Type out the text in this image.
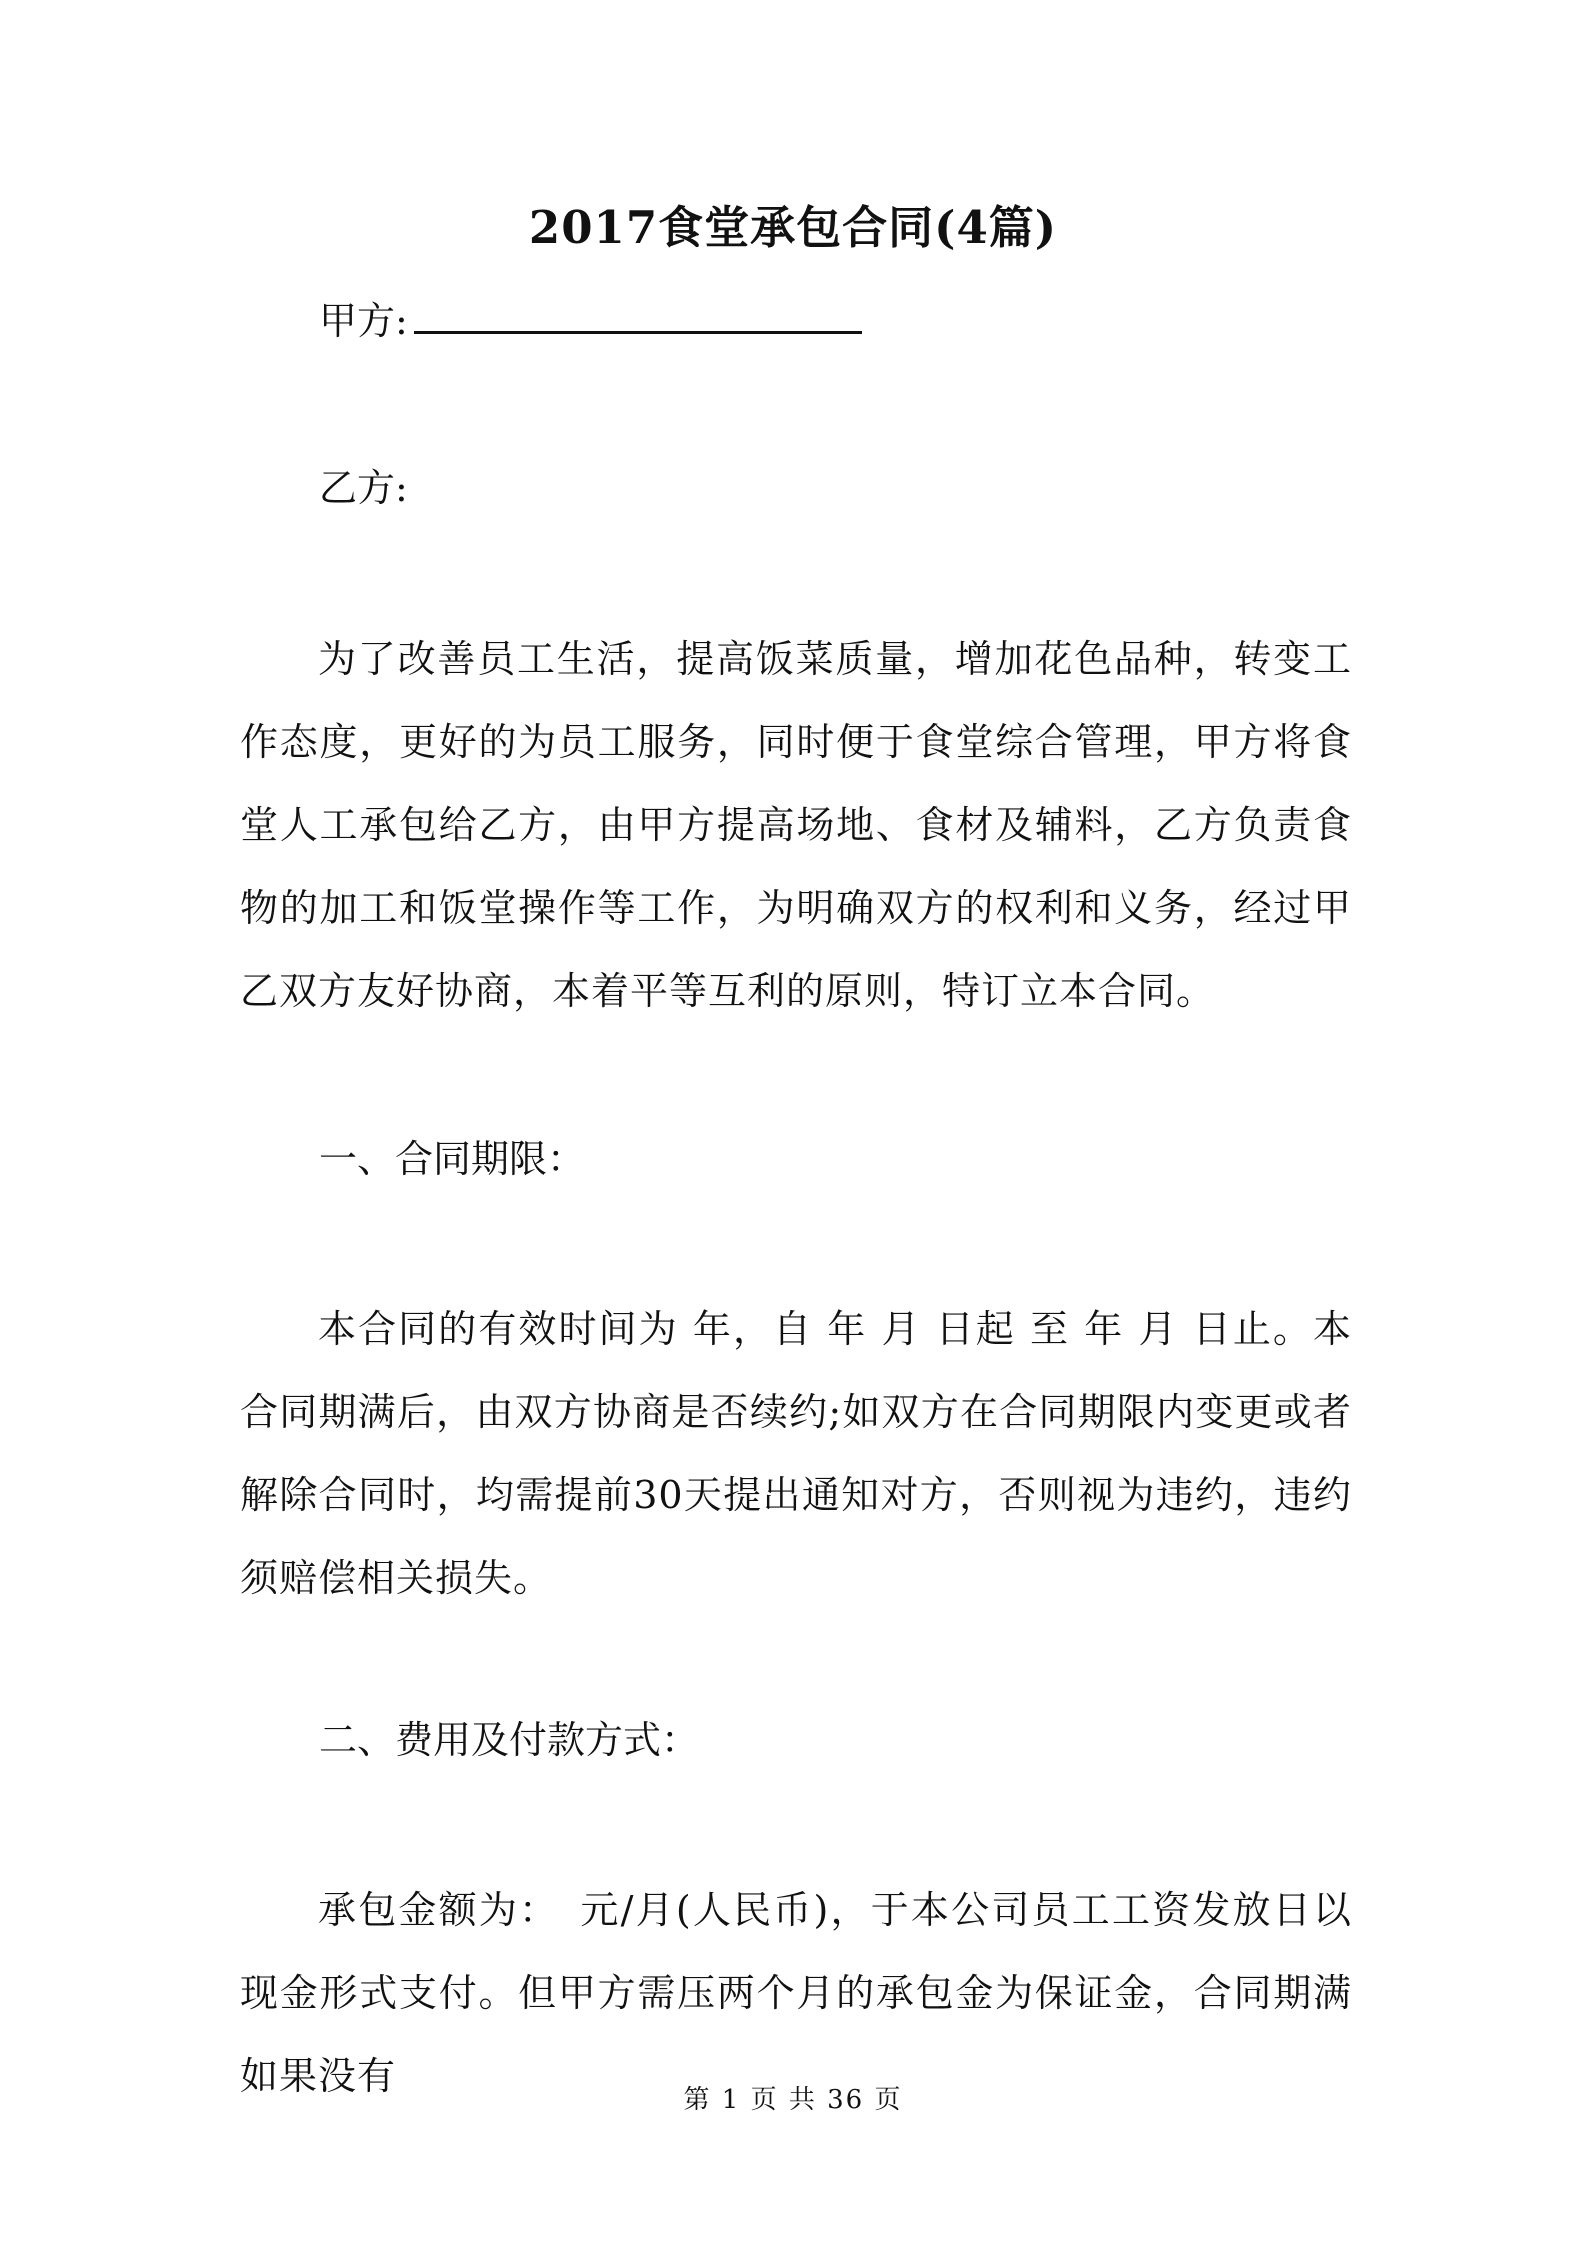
2017食堂承包合同(4篇)
甲方:
乙方:

为了改善员工生活，提高饭菜质量，增加花色品种，转变工作态度，更好的为员工服务，同时便于食堂综合管理，甲方将食堂人工承包给乙方，由甲方提高场地、食材及辅料，乙方负责食物的加工和饭堂操作等工作，为明确双方的权利和义务，经过甲乙双方友好协商，本着平等互利的原则，特订立本合同。

一、合同期限：

本合同的有效时间为 年，自 年 月 日起 至 年 月 日止。本合同期满后，由双方协商是否续约;如双方在合同期限内变更或者解除合同时，均需提前30天提出通知对方，否则视为违约，违约须赔偿相关损失。

二、费用及付款方式：

承包金额为：　元/月(人民币)，于本公司员工工资发放日以现金形式支付。但甲方需压两个月的承包金为保证金，合同期满如果没有

第 1 页 共 36 页
